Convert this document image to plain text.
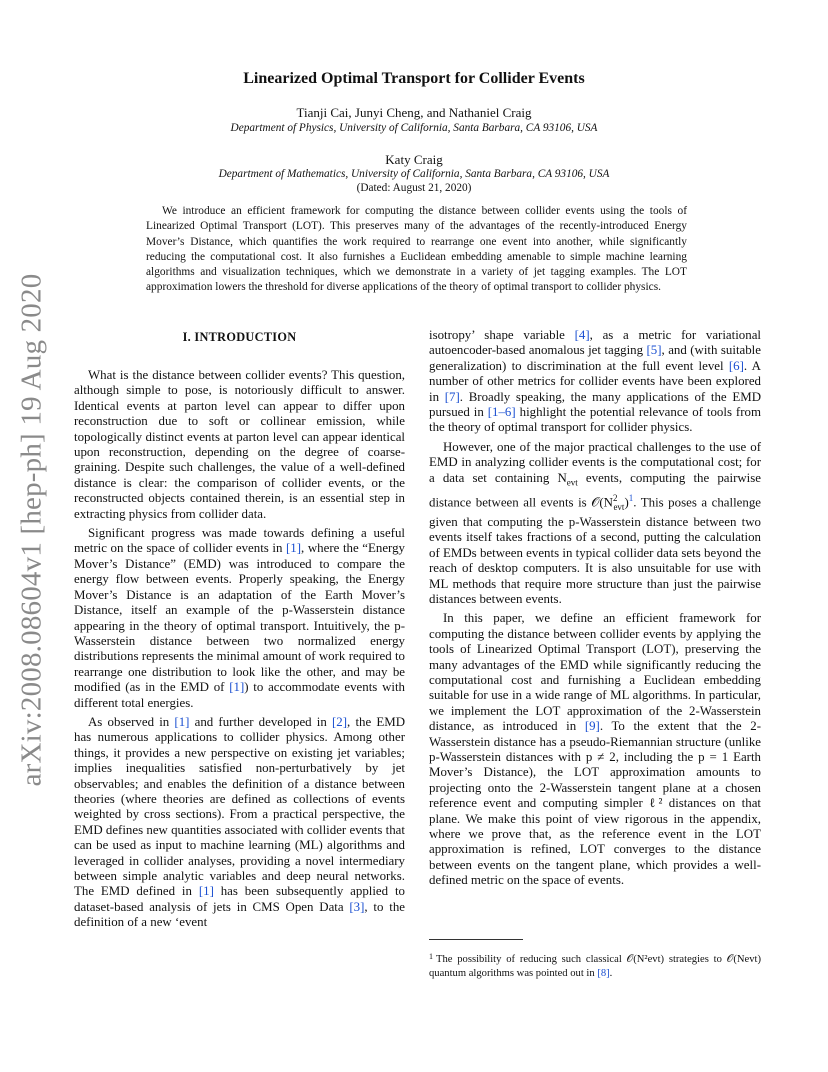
arXiv:2008.08604v1 [hep-ph] 19 Aug 2020
Linearized Optimal Transport for Collider Events
Tianji Cai, Junyi Cheng, and Nathaniel Craig
Department of Physics, University of California, Santa Barbara, CA 93106, USA
Katy Craig
Department of Mathematics, University of California, Santa Barbara, CA 93106, USA
(Dated: August 21, 2020)
We introduce an efficient framework for computing the distance between collider events using the tools of Linearized Optimal Transport (LOT). This preserves many of the advantages of the recently-introduced Energy Mover’s Distance, which quantifies the work required to rearrange one event into another, while significantly reducing the computational cost. It also furnishes a Euclidean embedding amenable to simple machine learning algorithms and visualization techniques, which we demonstrate in a variety of jet tagging examples. The LOT approximation lowers the threshold for diverse applications of the theory of optimal transport to collider physics.
I. INTRODUCTION

What is the distance between collider events? This question, although simple to pose, is notoriously difficult to answer. Identical events at parton level can appear to differ upon reconstruction due to soft or collinear emission, while topologically distinct events at parton level can appear identical upon reconstruction, depending on the degree of coarse-graining. Despite such challenges, the value of a well-defined distance is clear: the comparison of collider events, or the reconstructed objects contained therein, is an essential step in extracting physics from collider data.

Significant progress was made towards defining a useful metric on the space of collider events in [1], where the “Energy Mover’s Distance” (EMD) was introduced to compare the energy flow between events. Properly speaking, the Energy Mover’s Distance is an adaptation of the Earth Mover’s Distance, itself an example of the p-Wasserstein distance appearing in the theory of optimal transport. Intuitively, the p-Wasserstein distance between two normalized energy distributions represents the minimal amount of work required to rearrange one distribution to look like the other, and may be modified (as in the EMD of [1]) to accommodate events with different total energies.

As observed in [1] and further developed in [2], the EMD has numerous applications to collider physics. Among other things, it provides a new perspective on existing jet variables; implies inequalities satisfied non-perturbatively by jet observables; and enables the definition of a distance between theories (where theories are defined as collections of events weighted by cross sections). From a practical perspective, the EMD defines new quantities associated with collider events that can be used as input to machine learning (ML) algorithms and leveraged in collider analyses, providing a novel intermediary between simple analytic variables and deep neural networks. The EMD defined in [1] has been subsequently applied to dataset-based analysis of jets in CMS Open Data [3], to the definition of a new ‘event

isotropy’ shape variable [4], as a metric for variational autoencoder-based anomalous jet tagging [5], and (with suitable generalization) to discrimination at the full event level [6]. A number of other metrics for collider events have been explored in [7]. Broadly speaking, the many applications of the EMD pursued in [1–6] highlight the potential relevance of tools from the theory of optimal transport for collider physics.

However, one of the major practical challenges to the use of EMD in analyzing collider events is the computational cost; for a data set containing $N_{evt}$ events, computing the pairwise distance between all events is $𝒪(N^2_{evt})^1$. This poses a challenge given that computing the p-Wasserstein distance between two events itself takes fractions of a second, putting the calculation of EMDs between events in typical collider data sets beyond the reach of desktop computers. It is also unsuitable for use with ML methods that require more structure than just the pairwise distances between events.

In this paper, we define an efficient framework for computing the distance between collider events by applying the tools of Linearized Optimal Transport (LOT), preserving the many advantages of the EMD while significantly reducing the computational cost and furnishing a Euclidean embedding suitable for use in a wide range of ML algorithms. In particular, we implement the LOT approximation of the 2-Wasserstein distance, as introduced in [9]. To the extent that the 2-Wasserstein distance has a pseudo-Riemannian structure (unlike p-Wasserstein distances with p ≠ 2, including the p = 1 Earth Mover’s Distance), the LOT approximation amounts to projecting onto the 2-Wasserstein tangent plane at a chosen reference event and computing simpler ℓ² distances on that plane. We make this point of view rigorous in the appendix, where we prove that, as the reference event in the LOT approximation is refined, LOT converges to the distance between events on the tangent plane, which provides a well-defined metric on the space of events.

$^1$ The possibility of reducing such classical 𝒪(N²evt) strategies to 𝒪(Nevt) quantum algorithms was pointed out in [8].
